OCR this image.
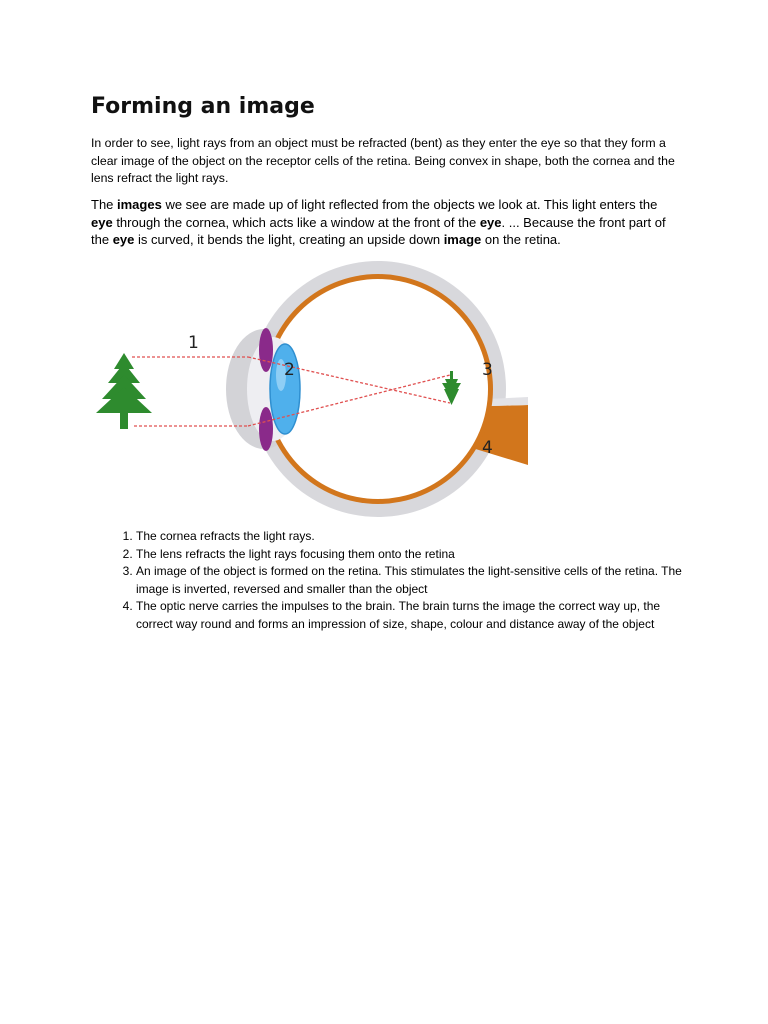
Forming an image

In order to see, light rays from an object must be refracted (bent) as they enter the eye so that they form a clear image of the object on the receptor cells of the retina. Being convex in shape, both the cornea and the lens refract the light rays.

The images we see are made up of light reflected from the objects we look at. This light enters the eye through the cornea, which acts like a window at the front of the eye. ... Because the front part of the eye is curved, it bends the light, creating an upside down image on the retina.

1
2	3
4
1. The cornea refracts the light rays.
2. The lens refracts the light rays focusing them onto the retina
3. An image of the object is formed on the retina. This stimulates the light-sensitive cells of the retina. The image is inverted, reversed and smaller than the object
4. The optic nerve carries the impulses to the brain. The brain turns the image the correct way up, the correct way round and forms an impression of size, shape, colour and distance away of the object
